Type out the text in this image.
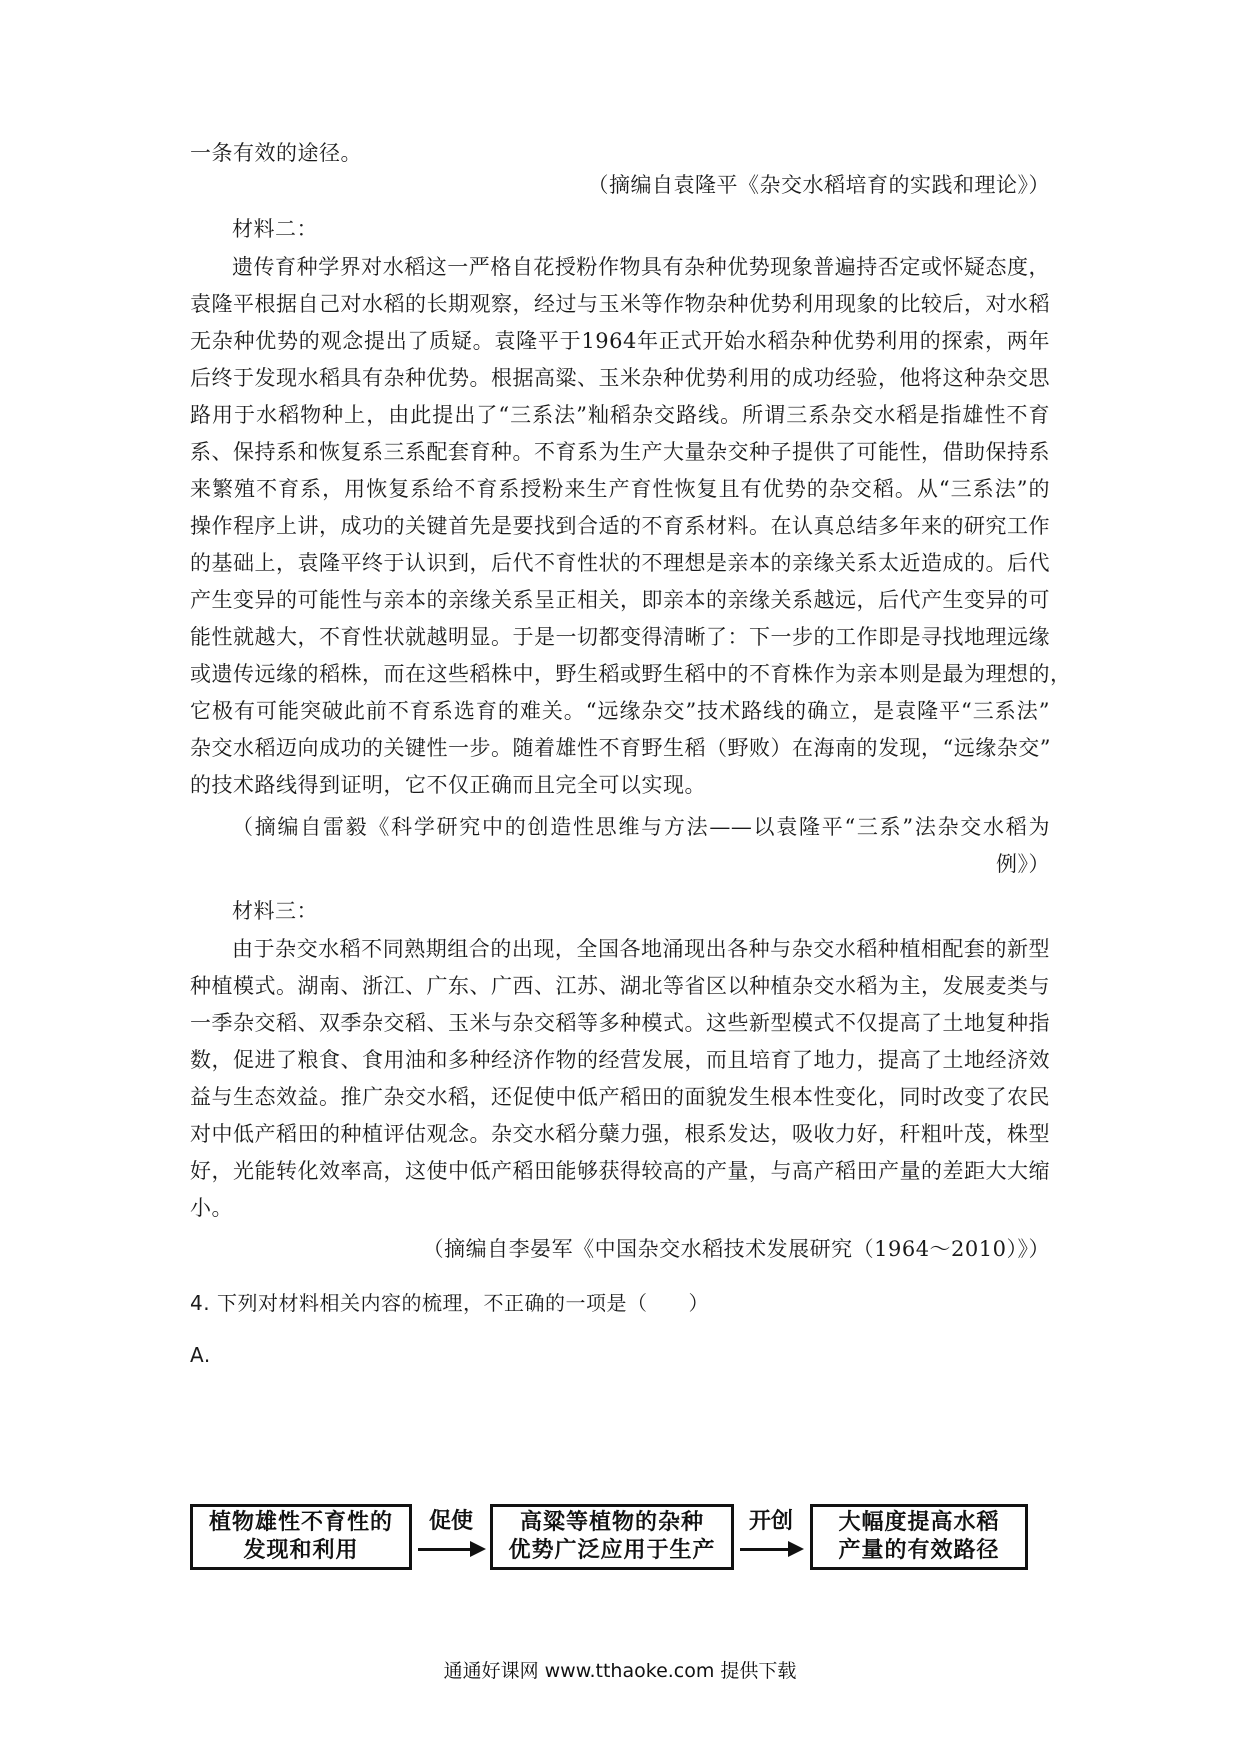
一条有效的途径。
（摘编自袁隆平《杂交水稻培育的实践和理论》）
材料二：
遗传育种学界对水稻这一严格自花授粉作物具有杂种优势现象普遍持否定或怀疑态度，
袁隆平根据自己对水稻的长期观察，经过与玉米等作物杂种优势利用现象的比较后，对水稻
无杂种优势的观念提出了质疑。袁隆平于1964年正式开始水稻杂种优势利用的探索，两年
后终于发现水稻具有杂种优势。根据高粱、玉米杂种优势利用的成功经验，他将这种杂交思
路用于水稻物种上，由此提出了“三系法”籼稻杂交路线。所谓三系杂交水稻是指雄性不育
系、保持系和恢复系三系配套育种。不育系为生产大量杂交种子提供了可能性，借助保持系
来繁殖不育系，用恢复系给不育系授粉来生产育性恢复且有优势的杂交稻。从“三系法”的
操作程序上讲，成功的关键首先是要找到合适的不育系材料。在认真总结多年来的研究工作
的基础上，袁隆平终于认识到，后代不育性状的不理想是亲本的亲缘关系太近造成的。后代
产生变异的可能性与亲本的亲缘关系呈正相关，即亲本的亲缘关系越远，后代产生变异的可
能性就越大，不育性状就越明显。于是一切都变得清晰了：下一步的工作即是寻找地理远缘
或遗传远缘的稻株，而在这些稻株中，野生稻或野生稻中的不育株作为亲本则是最为理想的，
它极有可能突破此前不育系选育的难关。“远缘杂交”技术路线的确立，是袁隆平“三系法”
杂交水稻迈向成功的关键性一步。随着雄性不育野生稻（野败）在海南的发现，“远缘杂交”
的技术路线得到证明，它不仅正确而且完全可以实现。
（摘编自雷毅《科学研究中的创造性思维与方法——以袁隆平“三系”法杂交水稻为
例》）
材料三：
由于杂交水稻不同熟期组合的出现，全国各地涌现出各种与杂交水稻种植相配套的新型
种植模式。湖南、浙江、广东、广西、江苏、湖北等省区以种植杂交水稻为主，发展麦类与
一季杂交稻、双季杂交稻、玉米与杂交稻等多种模式。这些新型模式不仅提高了土地复种指
数，促进了粮食、食用油和多种经济作物的经营发展，而且培育了地力，提高了土地经济效
益与生态效益。推广杂交水稻，还促使中低产稻田的面貌发生根本性变化，同时改变了农民
对中低产稻田的种植评估观念。杂交水稻分蘖力强，根系发达，吸收力好，秆粗叶茂，株型
好，光能转化效率高，这使中低产稻田能够获得较高的产量，与高产稻田产量的差距大大缩
小。
（摘编自李晏军《中国杂交水稻技术发展研究（1964～2010）》）
4. 下列对材料相关内容的梳理，不正确的一项是（　　）
A.
植物雄性不育性的
发现和利用
促使	高粱等植物的杂种
优势广泛应用于生产
开创	大幅度提高水稻
产量的有效路径
通通好课网 www.tthaoke.com 提供下载
